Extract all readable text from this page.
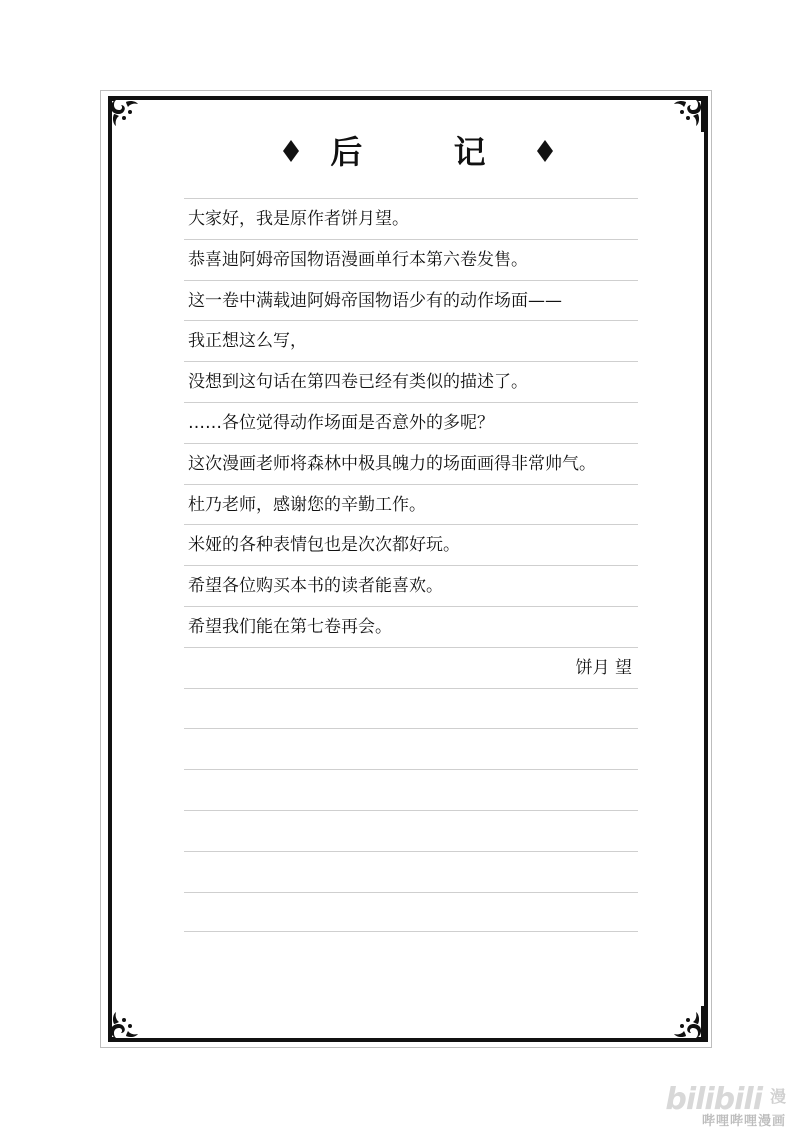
后 记
大家好，我是原作者饼月望。
恭喜迪阿姆帝国物语漫画单行本第六卷发售。
这一卷中满载迪阿姆帝国物语少有的动作场面——
我正想这么写，
没想到这句话在第四卷已经有类似的描述了。
……各位觉得动作场面是否意外的多呢？
这次漫画老师将森林中极具魄力的场面画得非常帅气。
杜乃老师，感谢您的辛勤工作。
米娅的各种表情包也是次次都好玩。
希望各位购买本书的读者能喜欢。
希望我们能在第七卷再会。
饼月 望
bilibili 漫
哔哩哔哩漫画
